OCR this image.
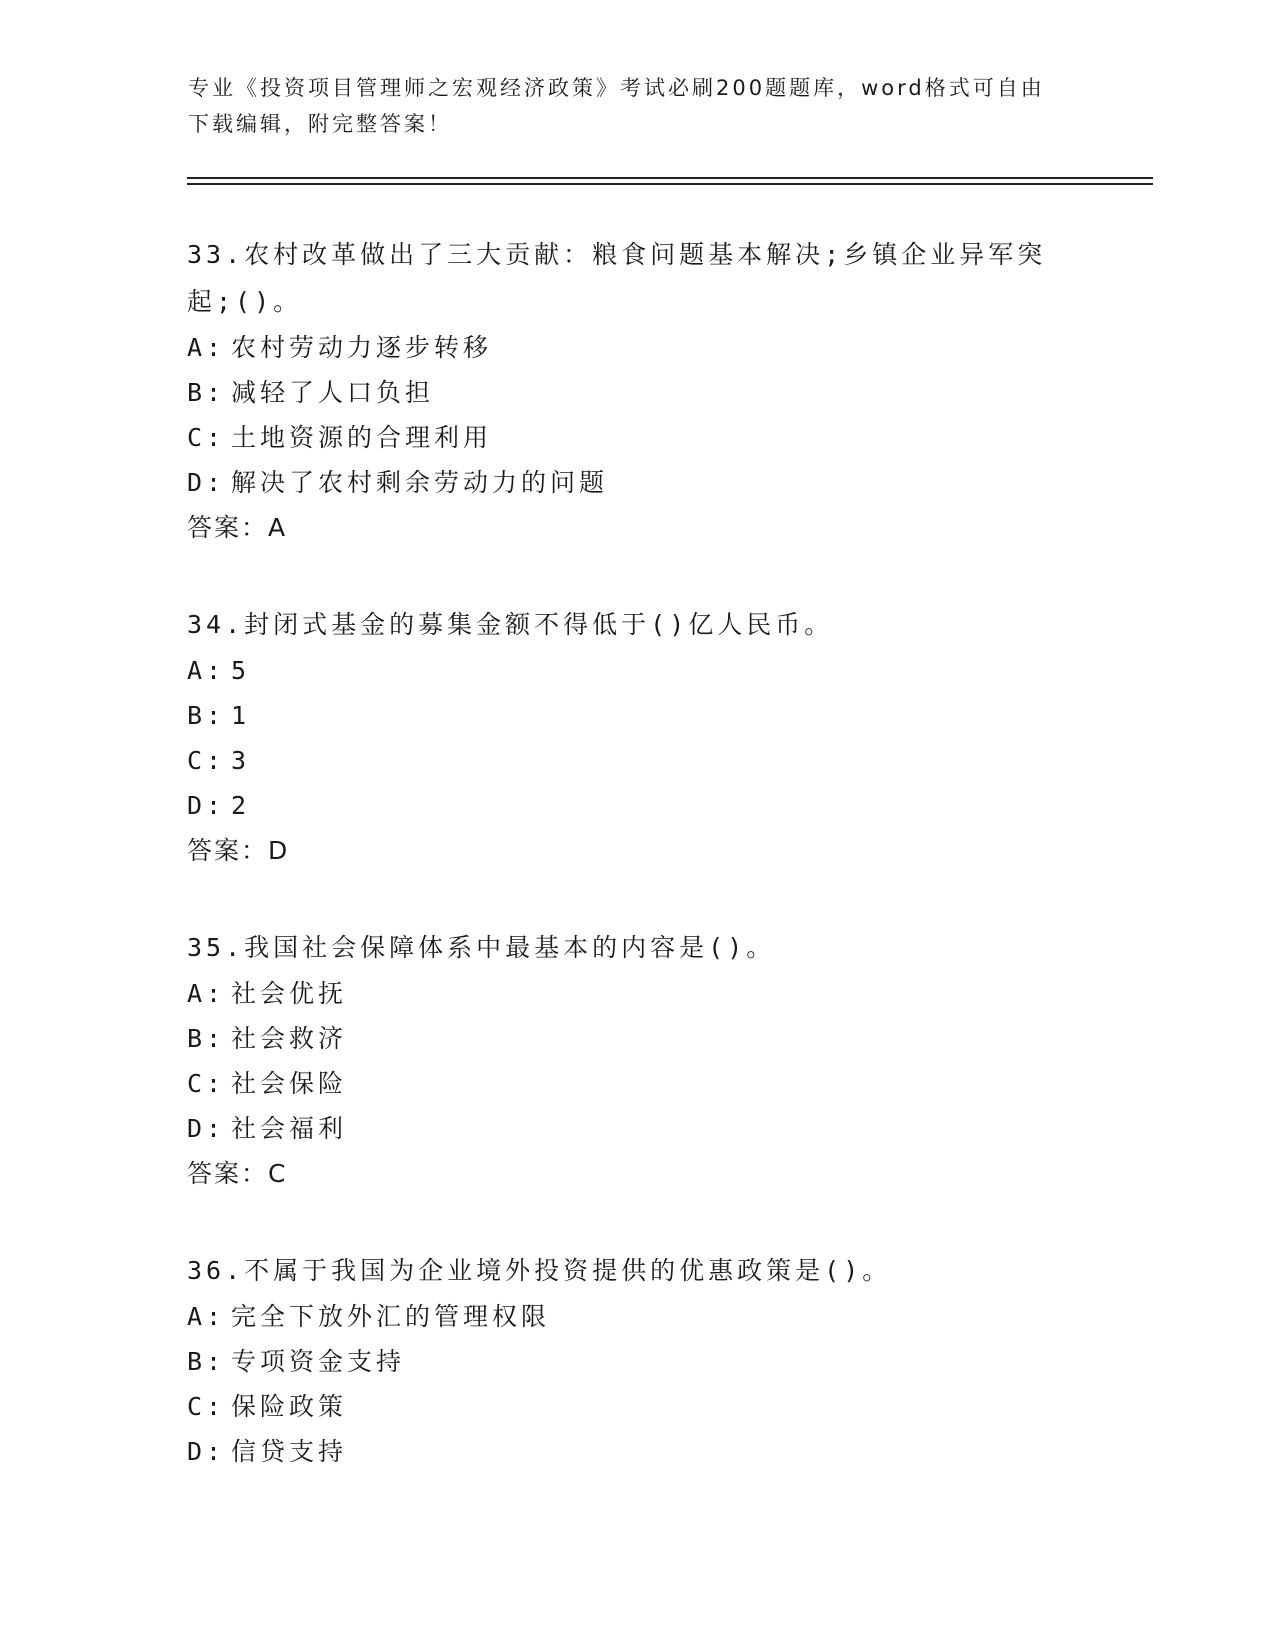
专业《投资项目管理师之宏观经济政策》考试必刷200题题库，word格式可自由下载编辑，附完整答案！
33.农村改革做出了三大贡献：粮食问题基本解决;乡镇企业异军突起;()。
A: 农村劳动力逐步转移
B: 减轻了人口负担
C: 土地资源的合理利用
D: 解决了农村剩余劳动力的问题
答案：A
34.封闭式基金的募集金额不得低于()亿人民币。
A: 5
B: 1
C: 3
D: 2
答案：D
35.我国社会保障体系中最基本的内容是()。
A: 社会优抚
B: 社会救济
C: 社会保险
D: 社会福利
答案：C
36.不属于我国为企业境外投资提供的优惠政策是()。
A: 完全下放外汇的管理权限
B: 专项资金支持
C: 保险政策
D: 信贷支持
